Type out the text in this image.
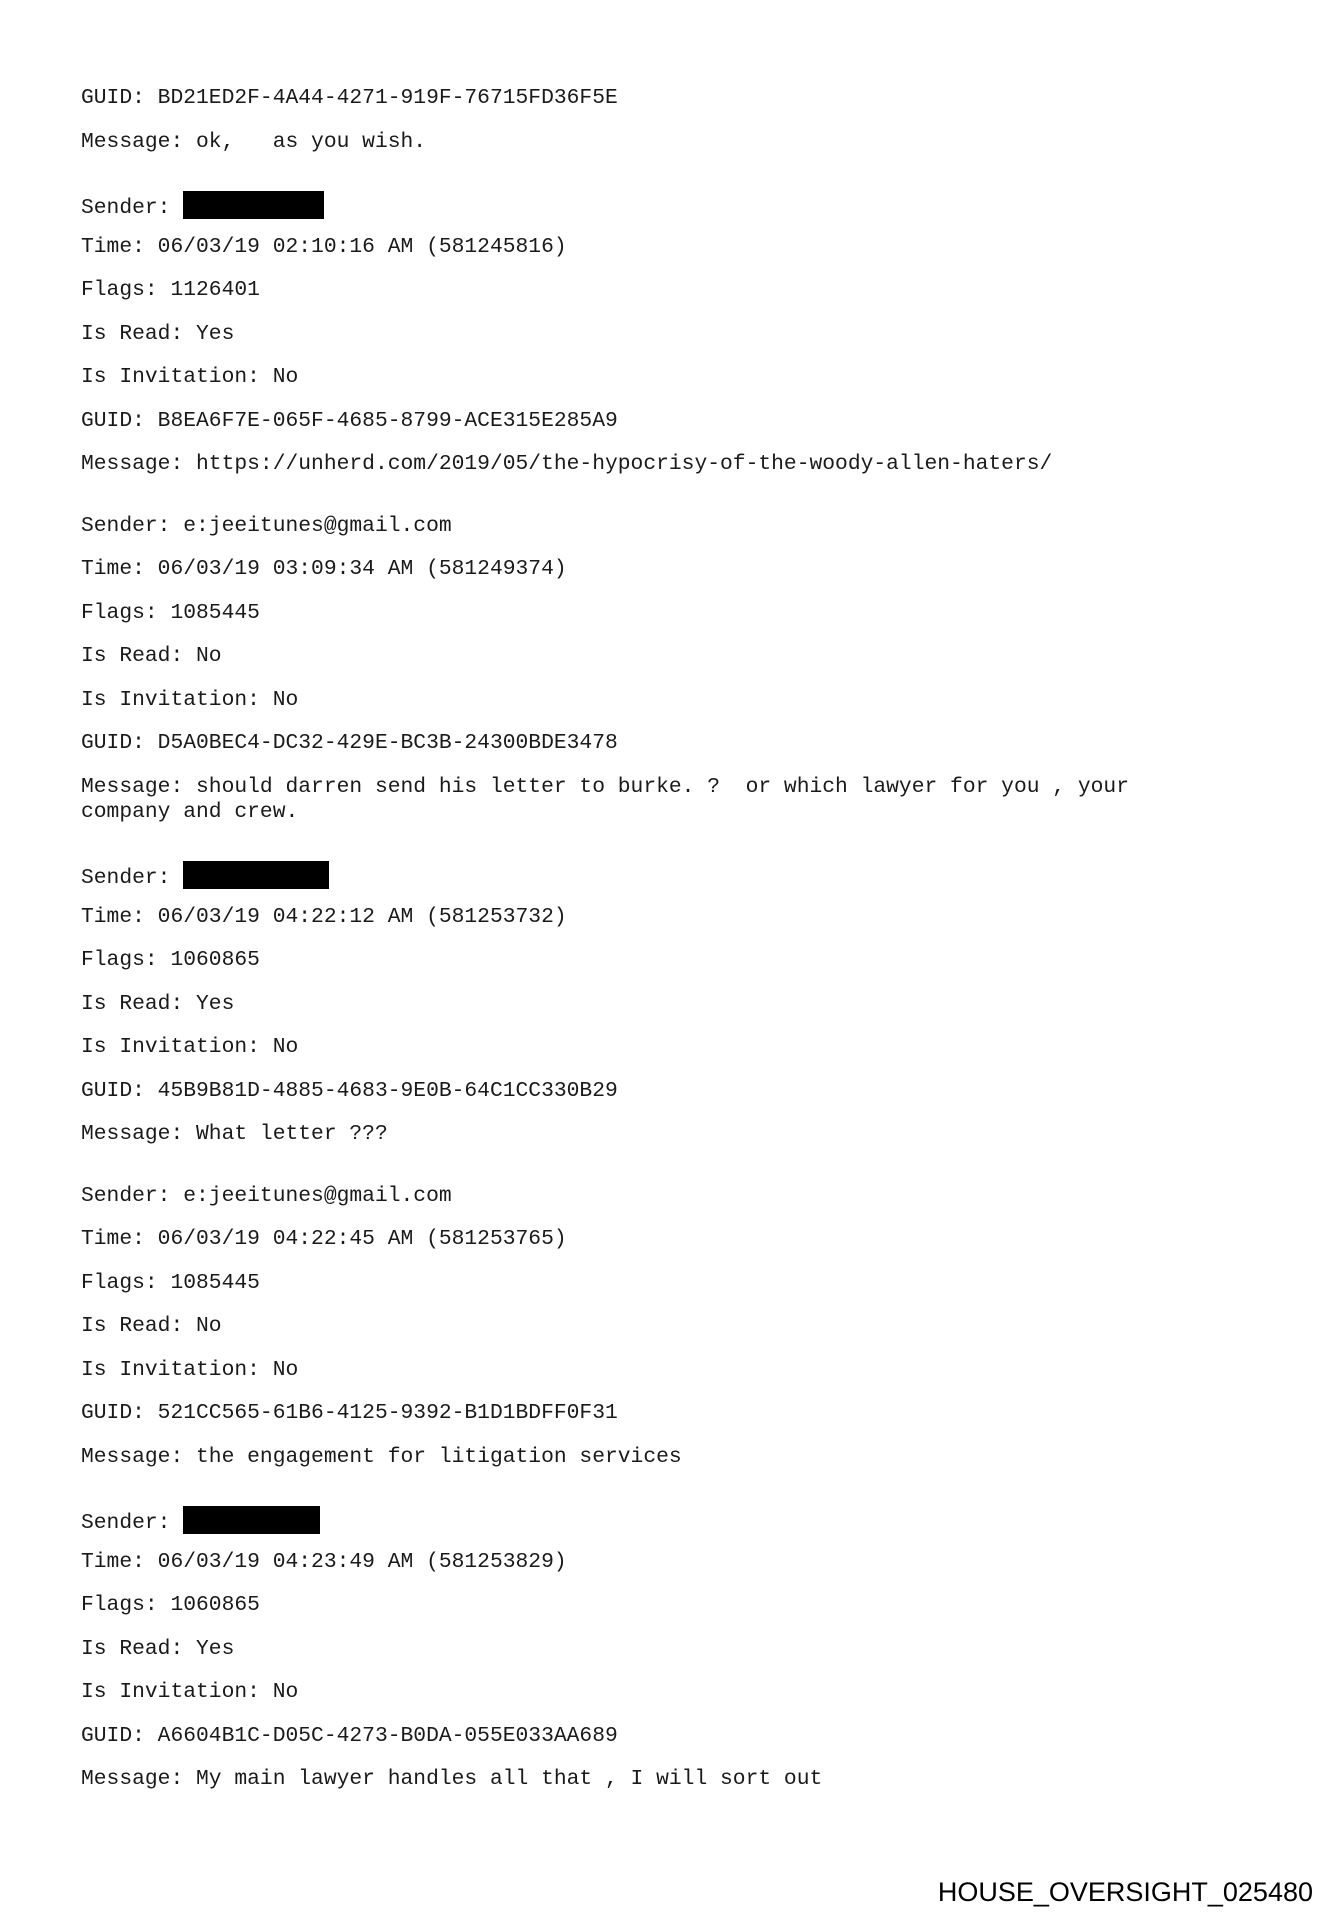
GUID: BD21ED2F-4A44-4271-919F-76715FD36F5E
Message: ok,   as you wish.
Sender:
Time: 06/03/19 02:10:16 AM (581245816)
Flags: 1126401
Is Read: Yes
Is Invitation: No
GUID: B8EA6F7E-065F-4685-8799-ACE315E285A9
Message: https://unherd.com/2019/05/the-hypocrisy-of-the-woody-allen-haters/
Sender: e:jeeitunes@gmail.com
Time: 06/03/19 03:09:34 AM (581249374)
Flags: 1085445
Is Read: No
Is Invitation: No
GUID: D5A0BEC4-DC32-429E-BC3B-24300BDE3478
Message: should darren send his letter to burke. ?  or which lawyer for you , your
company and crew.
Sender:
Time: 06/03/19 04:22:12 AM (581253732)
Flags: 1060865
Is Read: Yes
Is Invitation: No
GUID: 45B9B81D-4885-4683-9E0B-64C1CC330B29
Message: What letter ???
Sender: e:jeeitunes@gmail.com
Time: 06/03/19 04:22:45 AM (581253765)
Flags: 1085445
Is Read: No
Is Invitation: No
GUID: 521CC565-61B6-4125-9392-B1D1BDFF0F31
Message: the engagement for litigation services
Sender:
Time: 06/03/19 04:23:49 AM (581253829)
Flags: 1060865
Is Read: Yes
Is Invitation: No
GUID: A6604B1C-D05C-4273-B0DA-055E033AA689
Message: My main lawyer handles all that , I will sort out
HOUSE_OVERSIGHT_025480
